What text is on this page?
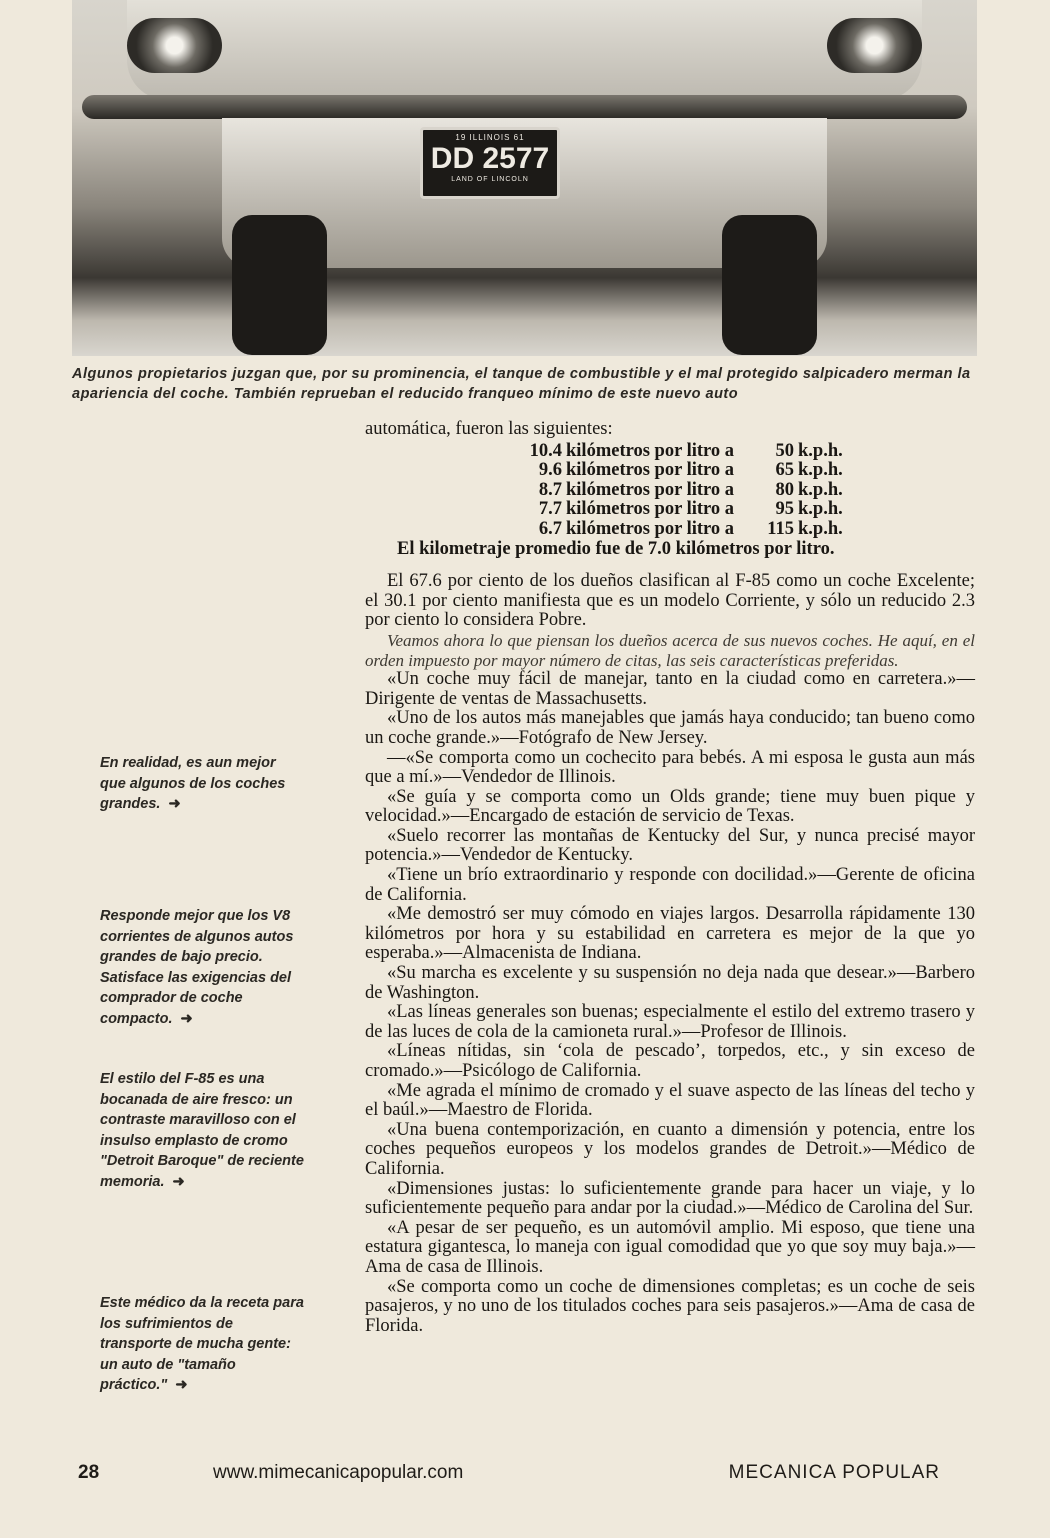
19 ILLINOIS 61
DD 2577
LAND OF LINCOLN
Algunos propietarios juzgan que, por su prominencia, el tanque de combustible y el mal protegido salpicadero merman la apariencia del coche. También reprueban el reducido franqueo mínimo de este nuevo auto

automática, fueron las siguientes:

10.4 kilómetros por litro a	50 k.p.h.
9.6 kilómetros por litro a	65 k.p.h.
8.7 kilómetros por litro a	80 k.p.h.
7.7 kilómetros por litro a	95 k.p.h.
6.7 kilómetros por litro a	115 k.p.h.

El kilometraje promedio fue de 7.0 kilómetros por litro.

El 67.6 por ciento de los dueños clasifican al F-85 como un coche Excelente; el 30.1 por ciento manifiesta que es un modelo Corriente, y sólo un reducido 2.3 por ciento lo considera Pobre.

Veamos ahora lo que piensan los dueños acerca de sus nuevos coches. He aquí, en el orden impuesto por mayor número de citas, las seis características preferidas.

«Un coche muy fácil de manejar, tanto en la ciudad como en carretera.»—Dirigente de ventas de Massachusetts.

«Uno de los autos más manejables que jamás haya conducido; tan bueno como un coche grande.»—Fotógrafo de New Jersey.

—«Se comporta como un cochecito para bebés. A mi esposa le gusta aun más que a mí.»—Vendedor de Illinois.

«Se guía y se comporta como un Olds grande; tiene muy buen pique y velocidad.»—Encargado de estación de servicio de Texas.

«Suelo recorrer las montañas de Kentucky del Sur, y nunca precisé mayor potencia.»—Vendedor de Kentucky.

«Tiene un brío extraordinario y responde con docilidad.»—Gerente de oficina de California.

«Me demostró ser muy cómodo en viajes largos. Desarrolla rápidamente 130 kilómetros por hora y su estabilidad en carretera es mejor de la que yo esperaba.»—Almacenista de Indiana.

«Su marcha es excelente y su suspensión no deja nada que desear.»—Barbero de Washington.

«Las líneas generales son buenas; especialmente el estilo del extremo trasero y de las luces de cola de la camioneta rural.»—Profesor de Illinois.

«Líneas nítidas, sin ‘cola de pescado’, torpedos, etc., y sin exceso de cromado.»—Psicólogo de California.

«Me agrada el mínimo de cromado y el suave aspecto de las líneas del techo y el baúl.»—Maestro de Florida.

«Una buena contemporización, en cuanto a dimensión y potencia, entre los coches pequeños europeos y los modelos grandes de Detroit.»—Médico de California.

«Dimensiones justas: lo suficientemente grande para hacer un viaje, y lo suficientemente pequeño para andar por la ciudad.»—Médico de Carolina del Sur.

«A pesar de ser pequeño, es un automóvil amplio. Mi esposo, que tiene una estatura gigantesca, lo maneja con igual comodidad que yo que soy muy baja.»—Ama de casa de Illinois.

«Se comporta como un coche de dimensiones completas; es un coche de seis pasajeros, y no uno de los titulados coches para seis pasajeros.»—Ama de casa de Florida.

En realidad, es aun mejor que algunos de los coches grandes. ➜
Responde mejor que los V8 corrientes de algunos autos grandes de bajo precio. Satisface las exigencias del comprador de coche compacto. ➜
El estilo del F-85 es una bocanada de aire fresco: un contraste maravilloso con el insulso emplasto de cromo "Detroit Baroque" de reciente memoria. ➜
Este médico da la receta para los sufrimientos de transporte de mucha gente: un auto de "tamaño práctico." ➜
28	www.mimecanicapopular.com	MECANICA POPULAR
